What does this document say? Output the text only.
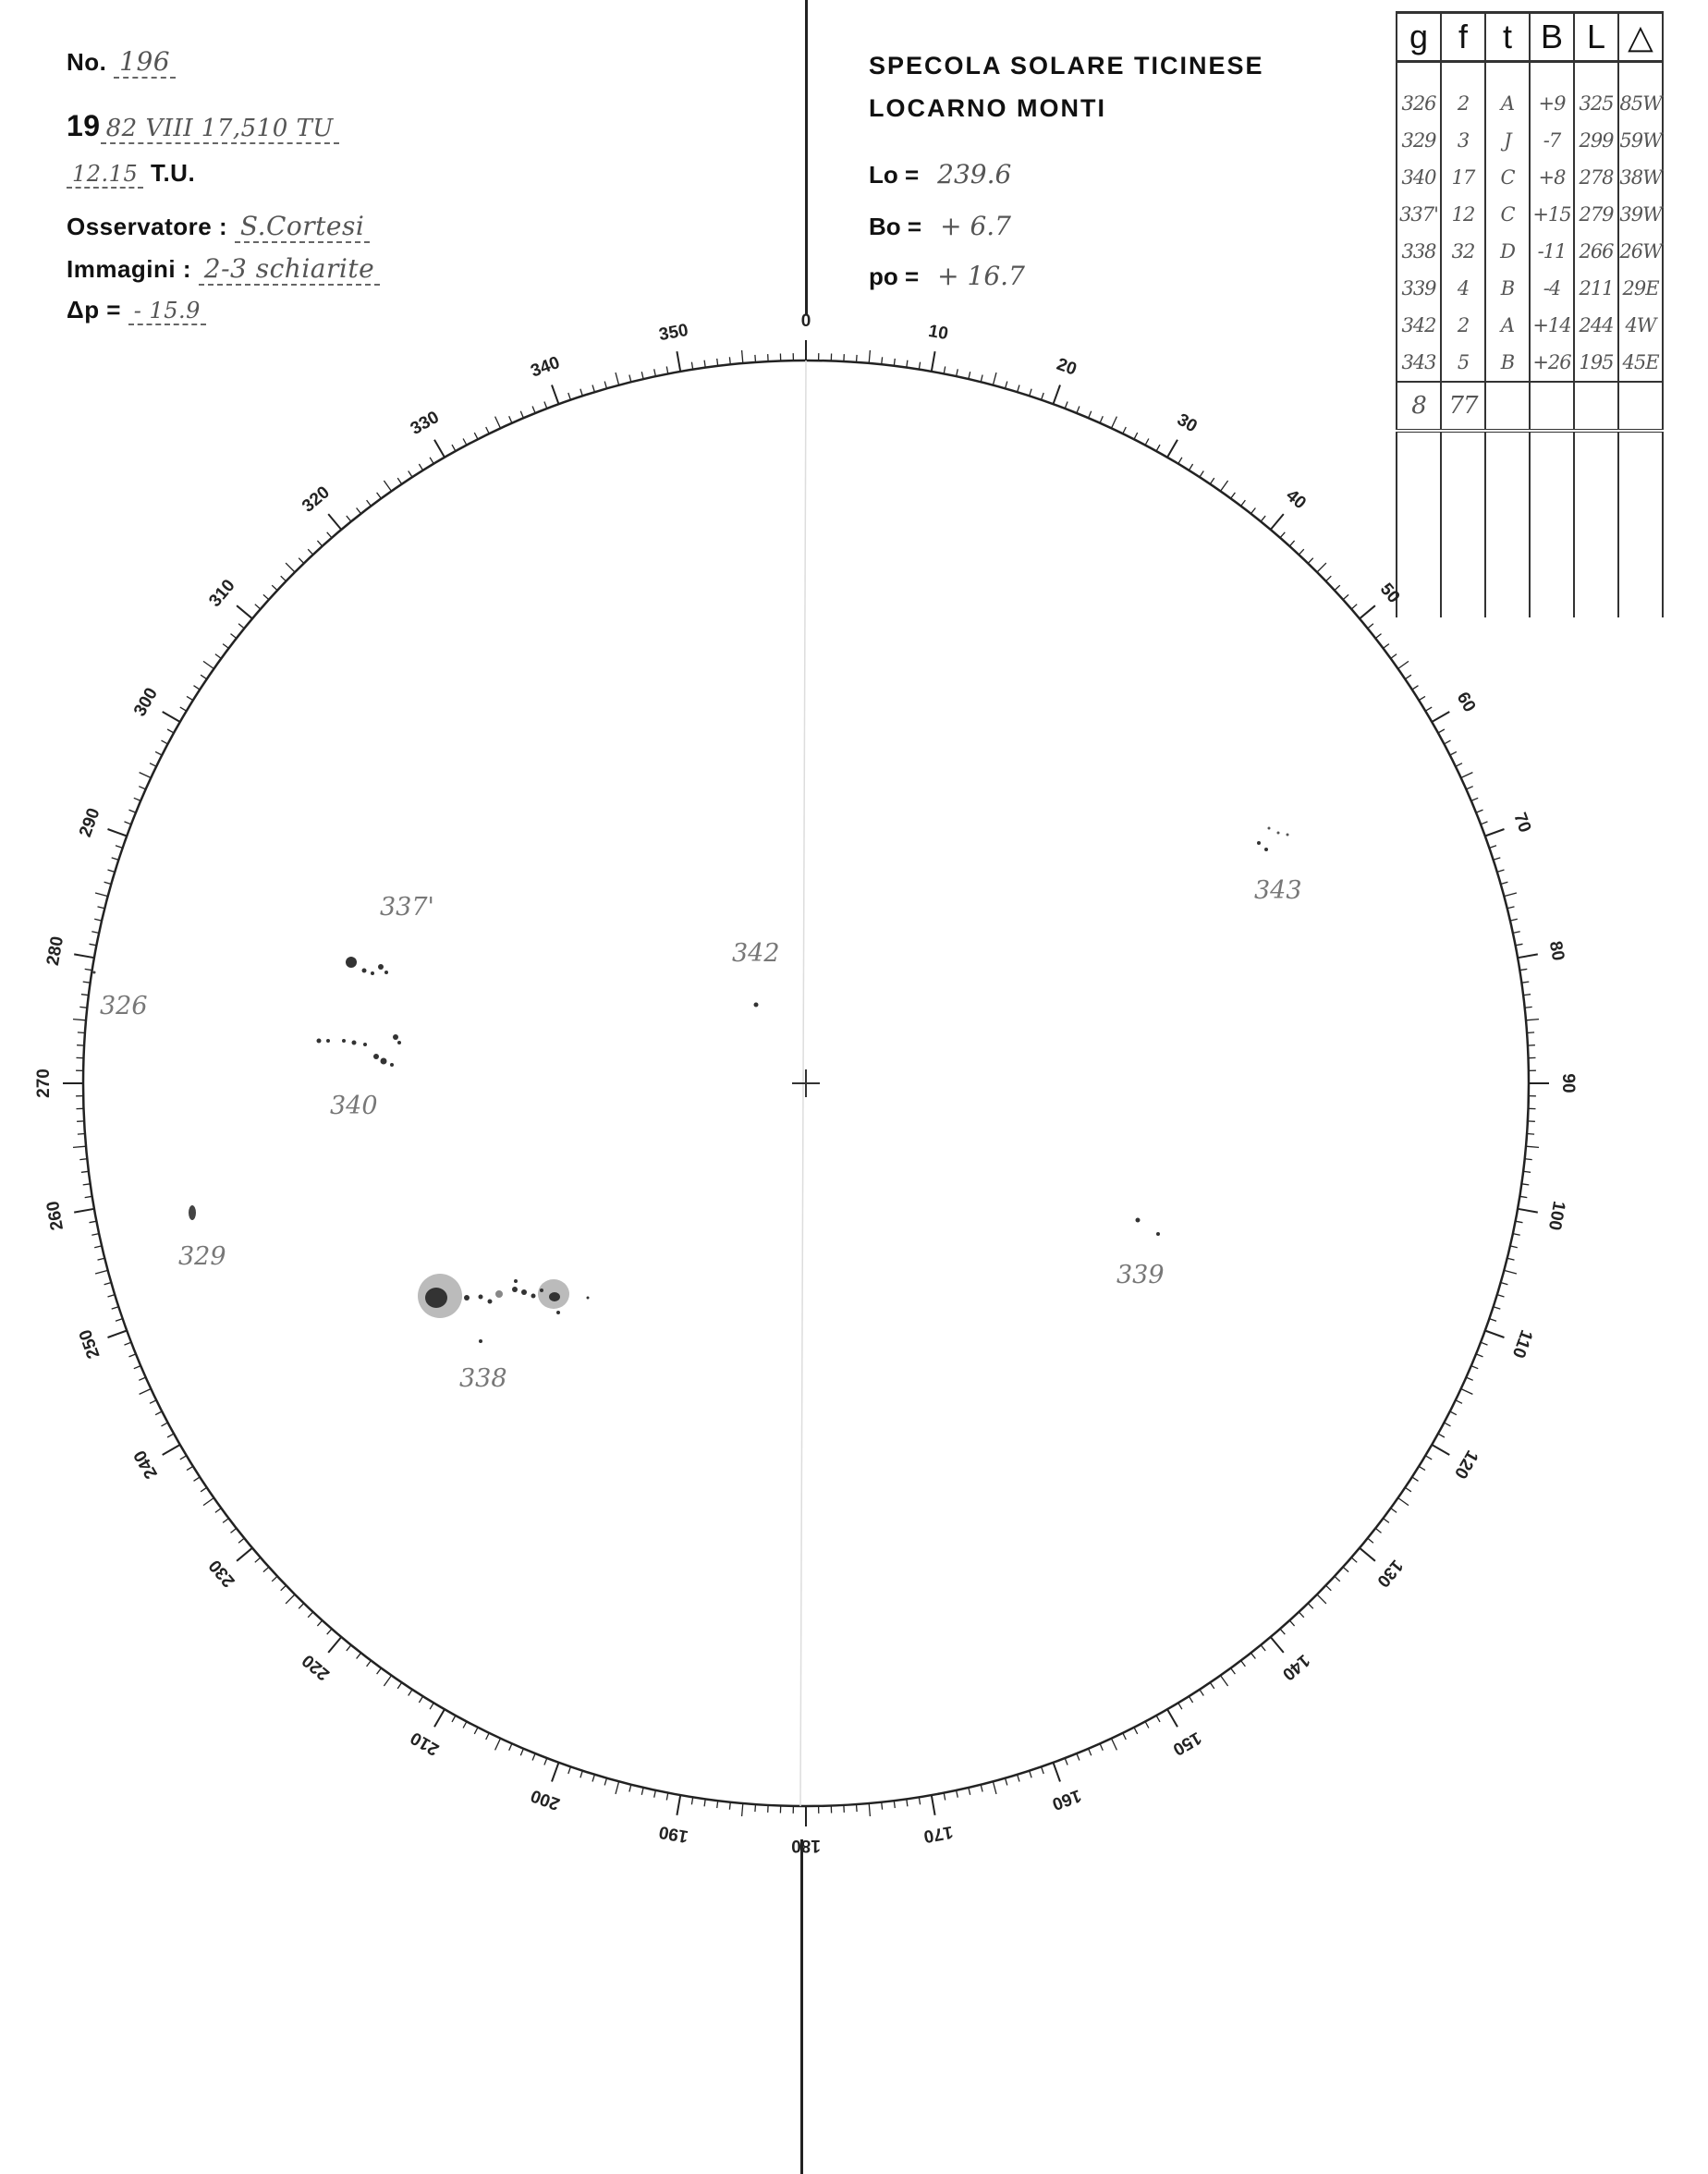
No. 196
19 82 VIII 17,510 TU
12.15 T.U.
Osservatore : S.Cortesi
Immagini : 2-3 schiarite
Δp = - 15.9
SPECOLA SOLARE TICINESE
LOCARNO MONTI
Lo = 239.6
Bo = + 6.7
po = + 16.7
g	f	t	B	L	△
326	2	A	+9	325	85W
329	3	J	-7	299	59W
340	17	C	+8	278	38W
337'	12	C	+15	279	39W
338	32	D	-11	266	26W
339	4	B	-4	211	29E
342	2	A	+14	244	4W
343	5	B	+26	195	45E
8	77				

0
10
20
30
40
50
60
70
80
90
100
110
120
130
140
150
160
170
180
190
200
210
220
230
240
250
260
270
280
290
300
310
320
330
340
350
326
329
340
337'
338
339
342
343
